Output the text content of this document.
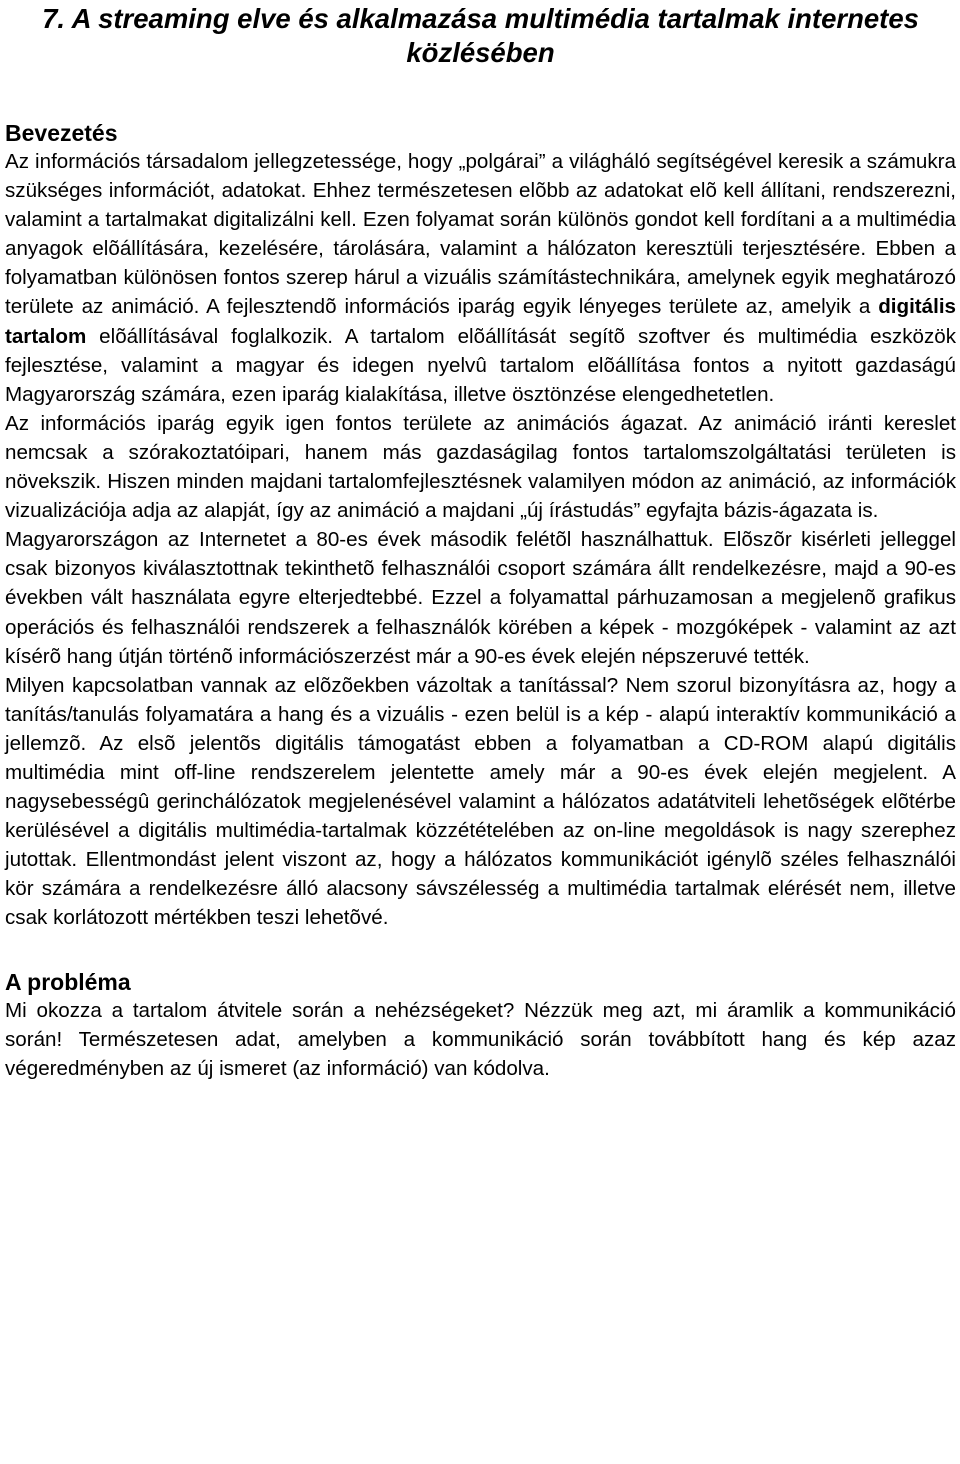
7. A streaming elve és alkalmazása multimédia tartalmak internetes közlésében
Bevezetés

Az információs társadalom jellegzetessége, hogy „polgárai” a világháló segítségével keresik a számukra szükséges információt, adatokat. Ehhez természetesen elõbb az adatokat elõ kell állítani, rendszerezni, valamint a tartalmakat digitalizálni kell. Ezen folyamat során különös gondot kell fordítani a a multimédia anyagok elõállítására, kezelésére, tárolására, valamint a hálózaton keresztüli terjesztésére. Ebben a folyamatban különösen fontos szerep hárul a vizuális számítástechnikára, amelynek egyik meghatározó területe az animáció. A fejlesztendõ információs iparág egyik lényeges területe az, amelyik a digitális tartalom elõállításával foglalkozik. A tartalom elõállítását segítõ szoftver és multimédia eszközök fejlesztése, valamint a magyar és idegen nyelvû tartalom elõállítása fontos a nyitott gazdaságú Magyarország számára, ezen iparág kialakítása, illetve ösztönzése elengedhetetlen.

Az információs iparág egyik igen fontos területe az animációs ágazat. Az animáció iránti kereslet nemcsak a szórakoztatóipari, hanem más gazdaságilag fontos tartalomszolgáltatási területen is növekszik. Hiszen minden majdani tartalomfejlesztésnek valamilyen módon az animáció, az információk vizualizációja adja az alapját, így az animáció a majdani „új írástudás” egyfajta bázis-ágazata is.

Magyarországon az Internetet a 80-es évek második felétõl használhattuk. Elõszõr kisérleti jelleggel csak bizonyos kiválasztottnak tekinthetõ felhasználói csoport számára állt rendelkezésre, majd a 90-es években vált használata egyre elterjedtebbé. Ezzel a folyamattal párhuzamosan a megjelenõ grafikus operációs és felhasználói rendszerek a felhasználók körében a képek - mozgóképek - valamint az azt kísérõ hang útján történõ információszerzést már a 90-es évek elején népszeruvé tették.

Milyen kapcsolatban vannak az elõzõekben vázoltak a tanítással? Nem szorul bizonyításra az, hogy a tanítás/tanulás folyamatára a hang és a vizuális - ezen belül is a kép - alapú interaktív kommunikáció a jellemzõ. Az elsõ jelentõs digitális támogatást ebben a folyamatban a CD-ROM alapú digitális multimédia mint off-line rendszerelem jelentette amely már a 90-es évek elején megjelent. A nagysebességû gerinchálózatok megjelenésével valamint a hálózatos adatátviteli lehetõségek elõtérbe kerülésével a digitális multimédia-tartalmak közzétételében az on-line megoldások is nagy szerephez jutottak. Ellentmondást jelent viszont az, hogy a hálózatos kommunikációt igénylõ széles felhasználói kör számára a rendelkezésre álló alacsony sávszélesség a multimédia tartalmak elérését nem, illetve csak korlátozott mértékben teszi lehetõvé.

A probléma

Mi okozza a tartalom átvitele során a nehézségeket? Nézzük meg azt, mi áramlik a kommunikáció során! Természetesen adat, amelyben a kommunikáció során továbbított hang és kép azaz végeredményben az új ismeret (az információ) van kódolva.
